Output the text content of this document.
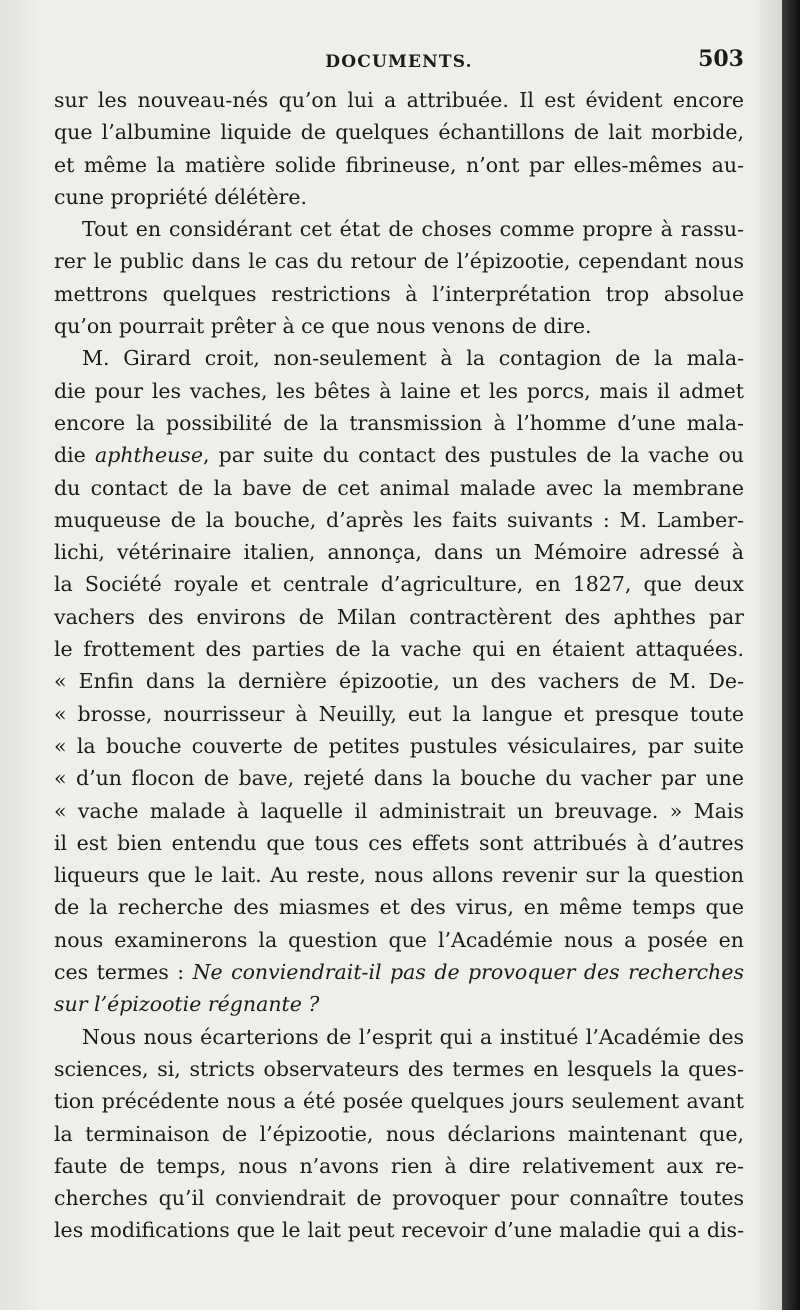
DOCUMENTS.	503
sur les nouveau-nés qu’on lui a attribuée. Il est évident encore
que l’albumine liquide de quelques échantillons de lait morbide,
et même la matière solide fibrineuse, n’ont par elles-mêmes au-
cune propriété délétère.
Tout en considérant cet état de choses comme propre à rassu-
rer le public dans le cas du retour de l’épizootie, cependant nous
mettrons quelques restrictions à l’interprétation trop absolue
qu’on pourrait prêter à ce que nous venons de dire.
M. Girard croit, non-seulement à la contagion de la mala-
die pour les vaches, les bêtes à laine et les porcs, mais il admet
encore la possibilité de la transmission à l’homme d’une mala-
die aphtheuse, par suite du contact des pustules de la vache ou
du contact de la bave de cet animal malade avec la membrane
muqueuse de la bouche, d’après les faits suivants : M. Lamber-
lichi, vétérinaire italien, annonça, dans un Mémoire adressé à
la Société royale et centrale d’agriculture, en 1827, que deux
vachers des environs de Milan contractèrent des aphthes par
le frottement des parties de la vache qui en étaient attaquées.
« Enfin dans la dernière épizootie, un des vachers de M. De-
« brosse, nourrisseur à Neuilly, eut la langue et presque toute
« la bouche couverte de petites pustules vésiculaires, par suite
« d’un flocon de bave, rejeté dans la bouche du vacher par une
« vache malade à laquelle il administrait un breuvage. » Mais
il est bien entendu que tous ces effets sont attribués à d’autres
liqueurs que le lait. Au reste, nous allons revenir sur la question
de la recherche des miasmes et des virus, en même temps que
nous examinerons la question que l’Académie nous a posée en
ces termes : Ne conviendrait-il pas de provoquer des recherches
sur l’épizootie régnante ?
Nous nous écarterions de l’esprit qui a institué l’Académie des
sciences, si, stricts observateurs des termes en lesquels la ques-
tion précédente nous a été posée quelques jours seulement avant
la terminaison de l’épizootie, nous déclarions maintenant que,
faute de temps, nous n’avons rien à dire relativement aux re-
cherches qu’il conviendrait de provoquer pour connaître toutes
les modifications que le lait peut recevoir d’une maladie qui a dis-
